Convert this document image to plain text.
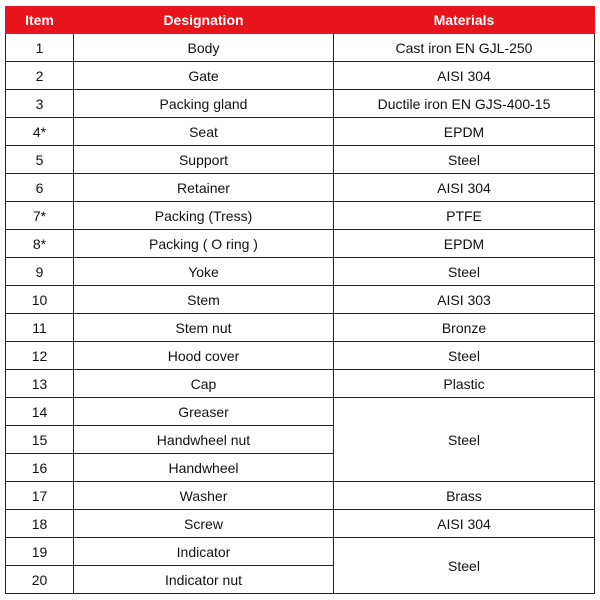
Item	Designation	Materials
1	Body	Cast iron EN GJL-250
2	Gate	AISI 304
3	Packing gland	Ductile iron EN GJS-400-15
4*	Seat	EPDM
5	Support	Steel
6	Retainer	AISI 304
7*	Packing (Tress)	PTFE
8*	Packing ( O ring )	EPDM
9	Yoke	Steel
10	Stem	AISI 303
11	Stem nut	Bronze
12	Hood cover	Steel
13	Cap	Plastic
14	Greaser	Steel
15	Handwheel nut	
16	Handwheel	
17	Washer	Brass
18	Screw	AISI 304
19	Indicator	Steel
20	Indicator nut	
